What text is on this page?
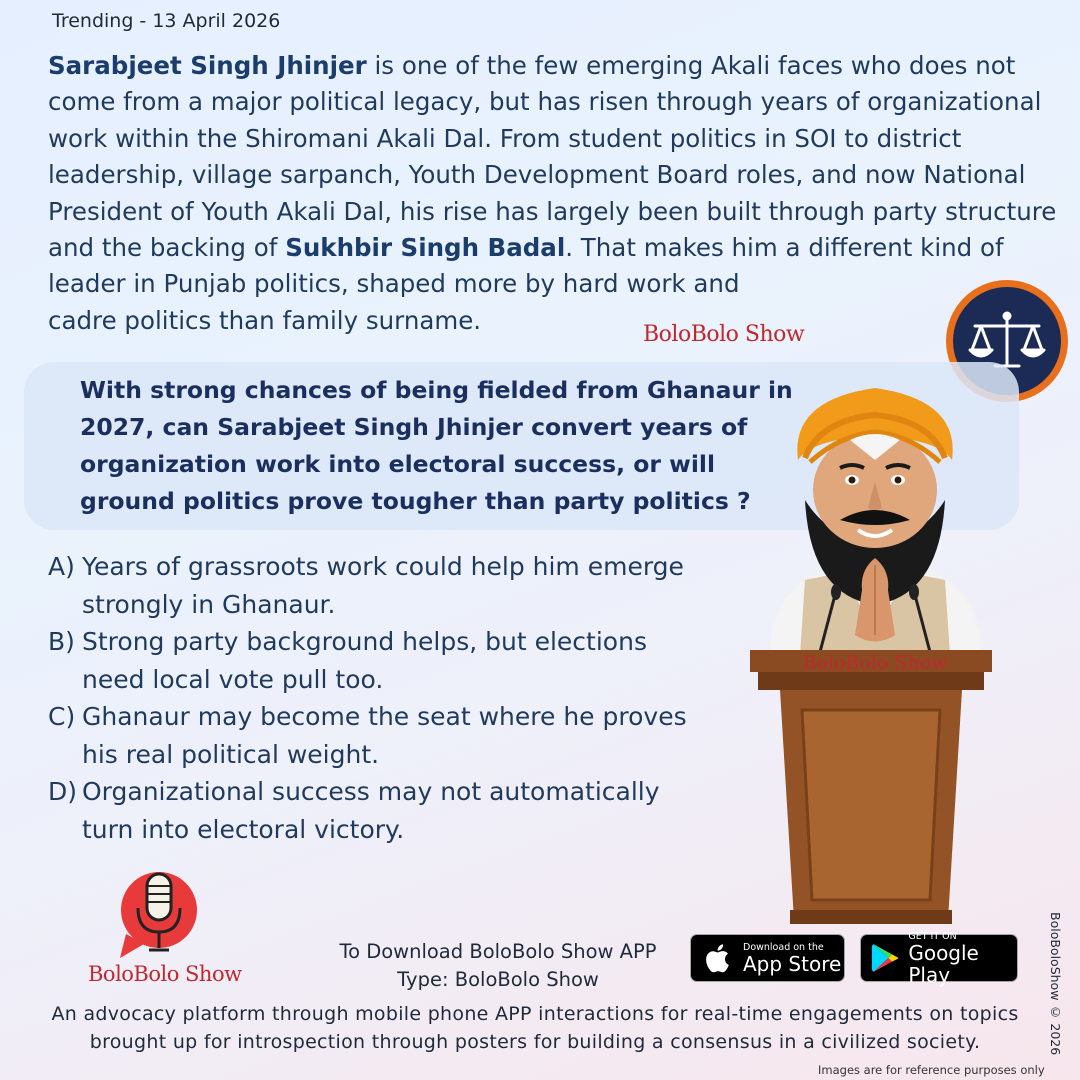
Trending - 13 April 2026
Sarabjeet Singh Jhinjer is one of the few emerging Akali faces who does not come from a major political legacy, but has risen through years of organizational work within the Shiromani Akali Dal. From student politics in SOI to district leadership, village sarpanch, Youth Development Board roles, and now National President of Youth Akali Dal, his rise has largely been built through party structure and the backing of Sukhbir Singh Badal. That makes him a different kind of leader in Punjab politics, shaped more by hard work and
cadre politics than family surname.	BoloBolo Show
With strong chances of being fielded from Ghanaur in 2027, can Sarabjeet Singh Jhinjer convert years of organization work into electoral success, or will ground politics prove tougher than party politics ?
A) Years of grassroots work could help him emerge strongly in Ghanaur.
B) Strong party background helps, but elections need local vote pull too.
C) Ghanaur may become the seat where he proves his real political weight.
D) Organizational success may not automatically turn into electoral victory.
BoloBolo Show
BoloBolo Show
To Download BoloBolo Show APP
Type: BoloBolo Show
Download on the
App Store
GET IT ON
Google Play
An advocacy platform through mobile phone APP interactions for real-time engagements on topics
brought up for introspection through posters for building a consensus in a civilized society.	BoloBoloShow © 2026
Images are for reference purposes only
